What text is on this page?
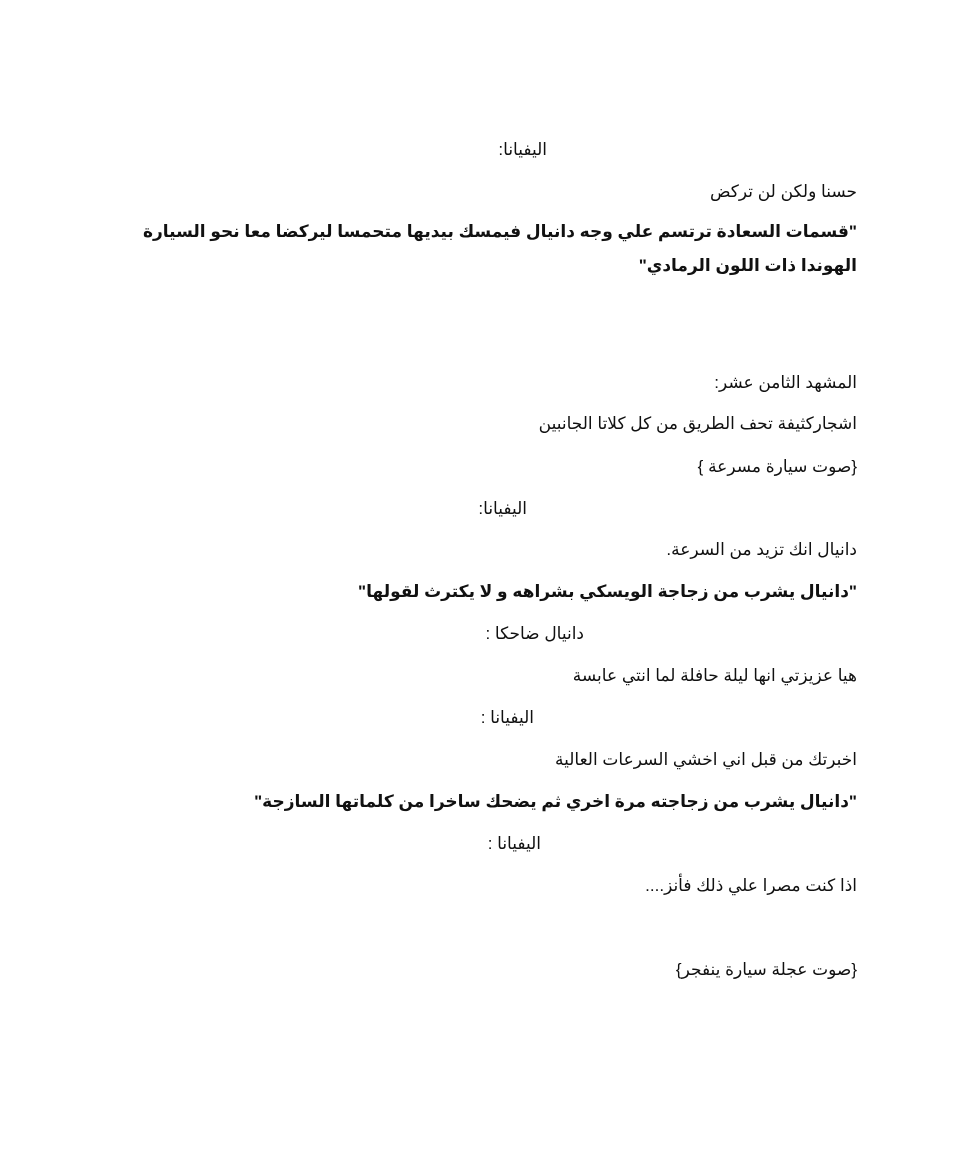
اليفيانا:
حسنا ولكن لن تركض
"قسمات السعادة ترتسم علي وجه دانيال فيمسك بيديها متحمسا ليركضا معا نحو السيارة الهوندا ذات اللون الرمادي"
المشهد الثامن عشر:
اشجاركثيفة تحف الطريق من كل كلاتا الجانبين
{صوت سيارة مسرعة }
اليفيانا:
دانيال انك تزيد من السرعة.
"دانيال يشرب من زجاجة الويسكي بشراهه و لا يكترث لقولها"
دانيال ضاحكا :
هيا عزيزتي انها ليلة حافلة لما انتي عابسة
اليفيانا :
اخبرتك من قبل اني اخشي السرعات العالية
"دانيال يشرب من زجاجته مرة اخري ثم يضحك ساخرا من كلماتها السازجة"
اليفيانا :
اذا كنت مصرا علي ذلك فأنز....
{صوت عجلة سيارة ينفجر}
